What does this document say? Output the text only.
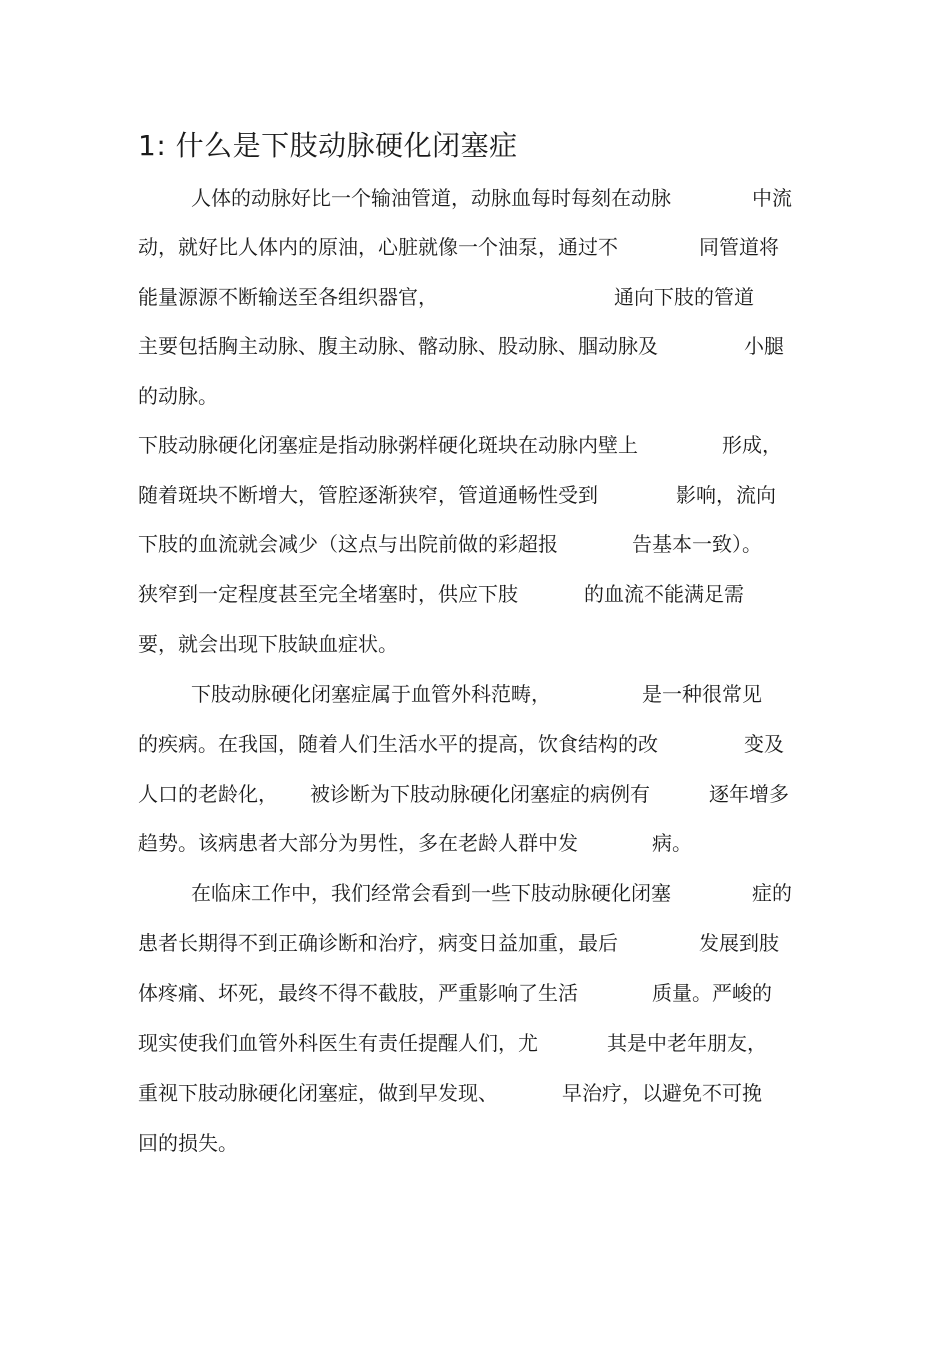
1: 什么是下肢动脉硬化闭塞症
人体的动脉好比一个输油管道，动脉血每时每刻在动脉	中流
动，就好比人体内的原油，心脏就像一个油泵，通过不	同管道将
能量源源不断输送至各组织器官，	通向下肢的管道
主要包括胸主动脉、腹主动脉、髂动脉、股动脉、腘动脉及	小腿
的动脉。
下肢动脉硬化闭塞症是指动脉粥样硬化斑块在动脉内壁上	形成，
随着斑块不断增大，管腔逐渐狭窄，管道通畅性受到	影响，流向
下肢的血流就会减少（这点与出院前做的彩超报	告基本一致）。
狭窄到一定程度甚至完全堵塞时，供应下肢	的血流不能满足需
要，就会出现下肢缺血症状。
下肢动脉硬化闭塞症属于血管外科范畴，	是一种很常见
的疾病。在我国，随着人们生活水平的提高，饮食结构的改	变及
人口的老龄化， 被诊断为下肢动脉硬化闭塞症的病例有	逐年增多
趋势。该病患者大部分为男性，多在老龄人群中发	病。
在临床工作中，我们经常会看到一些下肢动脉硬化闭塞	症的
患者长期得不到正确诊断和治疗，病变日益加重，最后	发展到肢
体疼痛、坏死，最终不得不截肢，严重影响了生活	质量。严峻的
现实使我们血管外科医生有责任提醒人们，尤	其是中老年朋友，
重视下肢动脉硬化闭塞症，做到早发现、	早治疗，以避免不可挽
回的损失。
